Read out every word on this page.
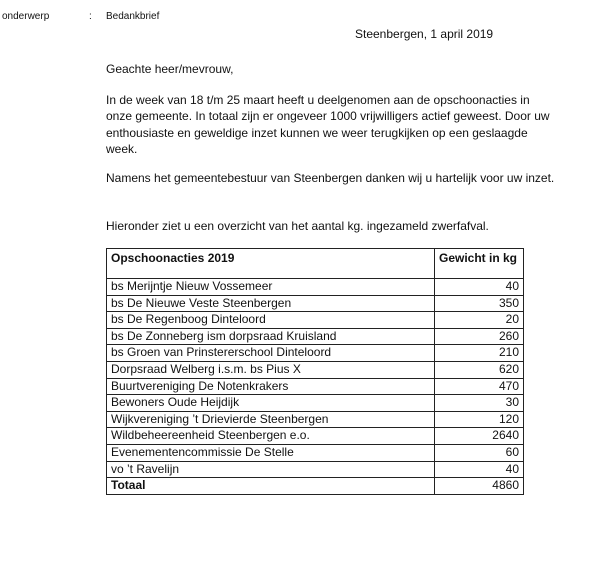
onderwerp	: Bedankbrief
Steenbergen, 1 april 2019
Geachte heer/mevrouw,
In de week van 18 t/m 25 maart heeft u deelgenomen aan de opschoonacties in onze gemeente. In totaal zijn er ongeveer 1000 vrijwilligers actief geweest. Door uw enthousiaste en geweldige inzet kunnen we weer terugkijken op een geslaagde week.
Namens het gemeentebestuur van Steenbergen danken wij u hartelijk voor uw inzet.
Hieronder ziet u een overzicht van het aantal kg. ingezameld zwerfafval.
Opschoonacties 2019	Gewicht in kg
bs Merijntje Nieuw Vossemeer	40
bs De Nieuwe Veste Steenbergen	350
bs De Regenboog Dinteloord	20
bs De Zonneberg ism dorpsraad Kruisland	260
bs Groen van Prinstererschool Dinteloord	210
Dorpsraad Welberg i.s.m. bs Pius X	620
Buurtvereniging De Notenkrakers	470
Bewoners Oude Heijdijk	30
Wijkvereniging ’t Drievierde Steenbergen	120
Wildbeheereenheid Steenbergen e.o.	2640
Evenementencommissie De Stelle	60
vo ’t Ravelijn	40
Totaal	4860
